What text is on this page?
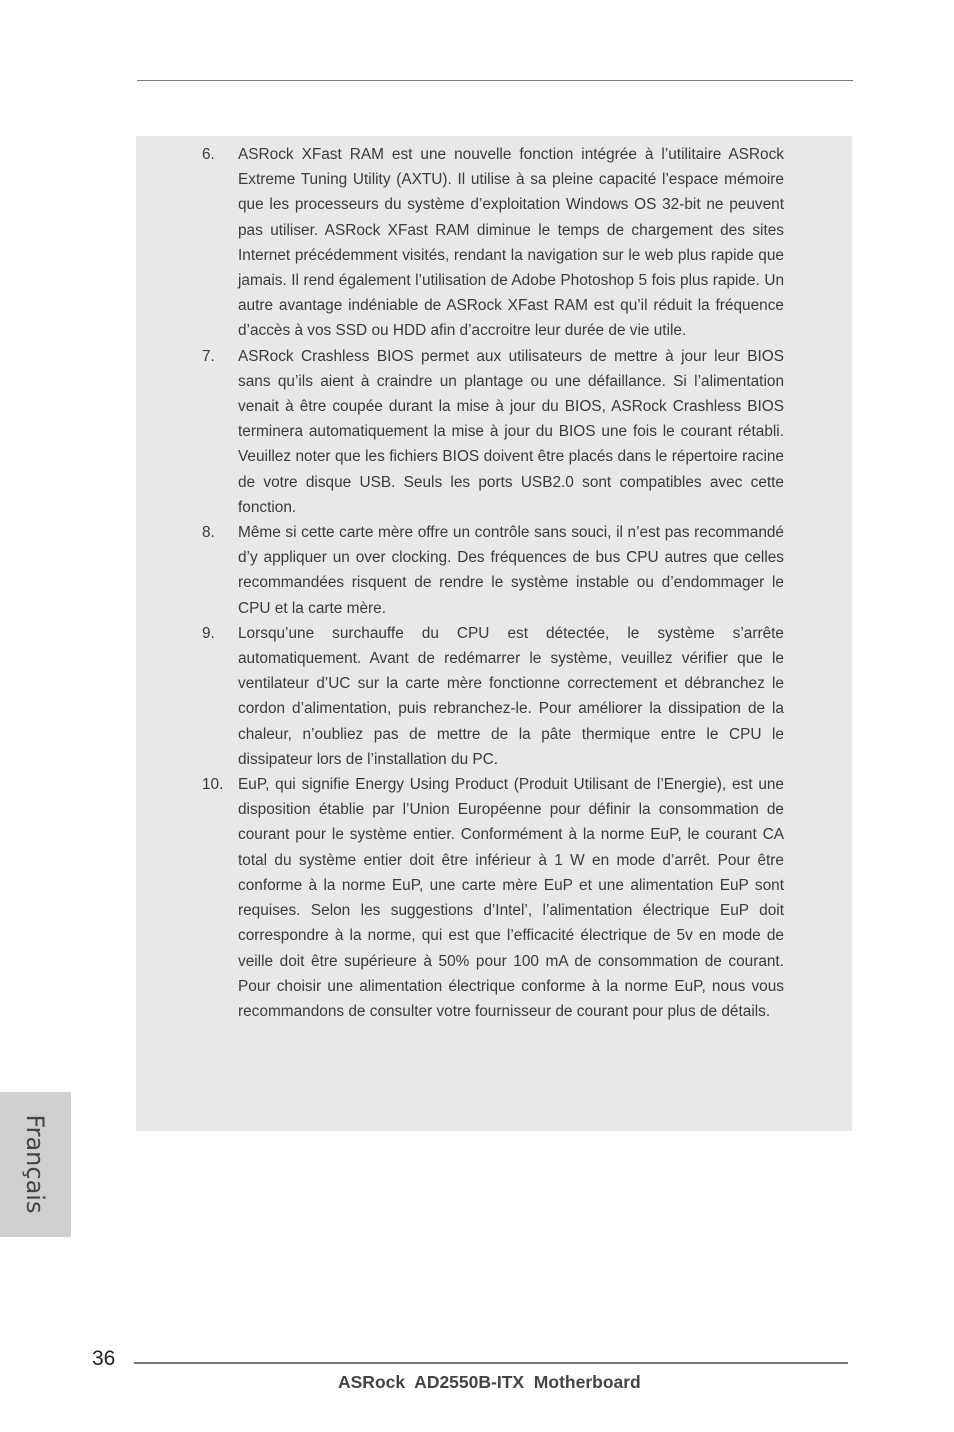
6. ASRock XFast RAM est une nouvelle fonction intégrée à l’utilitaire ASRock Extreme Tuning Utility (AXTU). Il utilise à sa pleine capacité l’espace mémoire que les processeurs du système d’exploitation Windows OS 32-bit ne peuvent pas utiliser. ASRock XFast RAM diminue le temps de chargement des sites Internet précédemment visités, rendant la navigation sur le web plus rapide que jamais. Il rend également l’utilisation de Adobe Photoshop 5 fois plus rapide. Un autre avantage indéniable de ASRock XFast RAM est qu’il réduit la fréquence d’accès à vos SSD ou HDD afin d’accroitre leur durée de vie utile.
7. ASRock Crashless BIOS permet aux utilisateurs de mettre à jour leur BIOS sans qu’ils aient à craindre un plantage ou une défaillance. Si l’alimentation venait à être coupée durant la mise à jour du BIOS, ASRock Crashless BIOS terminera automatiquement la mise à jour du BIOS une fois le courant rétabli. Veuillez noter que les fichiers BIOS doivent être placés dans le répertoire racine de votre disque USB. Seuls les ports USB2.0 sont compatibles avec cette fonction.
8. Même si cette carte mère offre un contrôle sans souci, il n’est pas recommandé d’y appliquer un over clocking. Des fréquences de bus CPU autres que celles recommandées risquent de rendre le système instable ou d’endommager le CPU et la carte mère.
9. Lorsqu’une surchauffe du CPU est détectée, le système s’arrête automatiquement. Avant de redémarrer le système, veuillez vérifier que le ventilateur d’UC sur la carte mère fonctionne correctement et débranchez le cordon d’alimentation, puis rebranchez-le. Pour améliorer la dissipation de la chaleur, n’oubliez pas de mettre de la pâte thermique entre le CPU le dissipateur lors de l’installation du PC.
10. EuP, qui signifie Energy Using Product (Produit Utilisant de l’Energie), est une disposition établie par l’Union Européenne pour définir la consommation de courant pour le système entier. Conformément à la norme EuP, le courant CA total du système entier doit être inférieur à 1 W en mode d’arrêt. Pour être conforme à la norme EuP, une carte mère EuP et une alimentation EuP sont requises. Selon les suggestions d’Intel’, l’alimentation électrique EuP doit correspondre à la norme, qui est que l’efficacité électrique de 5v en mode de veille doit être supérieure à 50% pour 100 mA de consommation de courant. Pour choisir une alimentation électrique conforme à la norme EuP, nous vous recommandons de consulter votre fournisseur de courant pour plus de détails.
Français
36
ASRock  AD2550B-ITX  Motherboard
